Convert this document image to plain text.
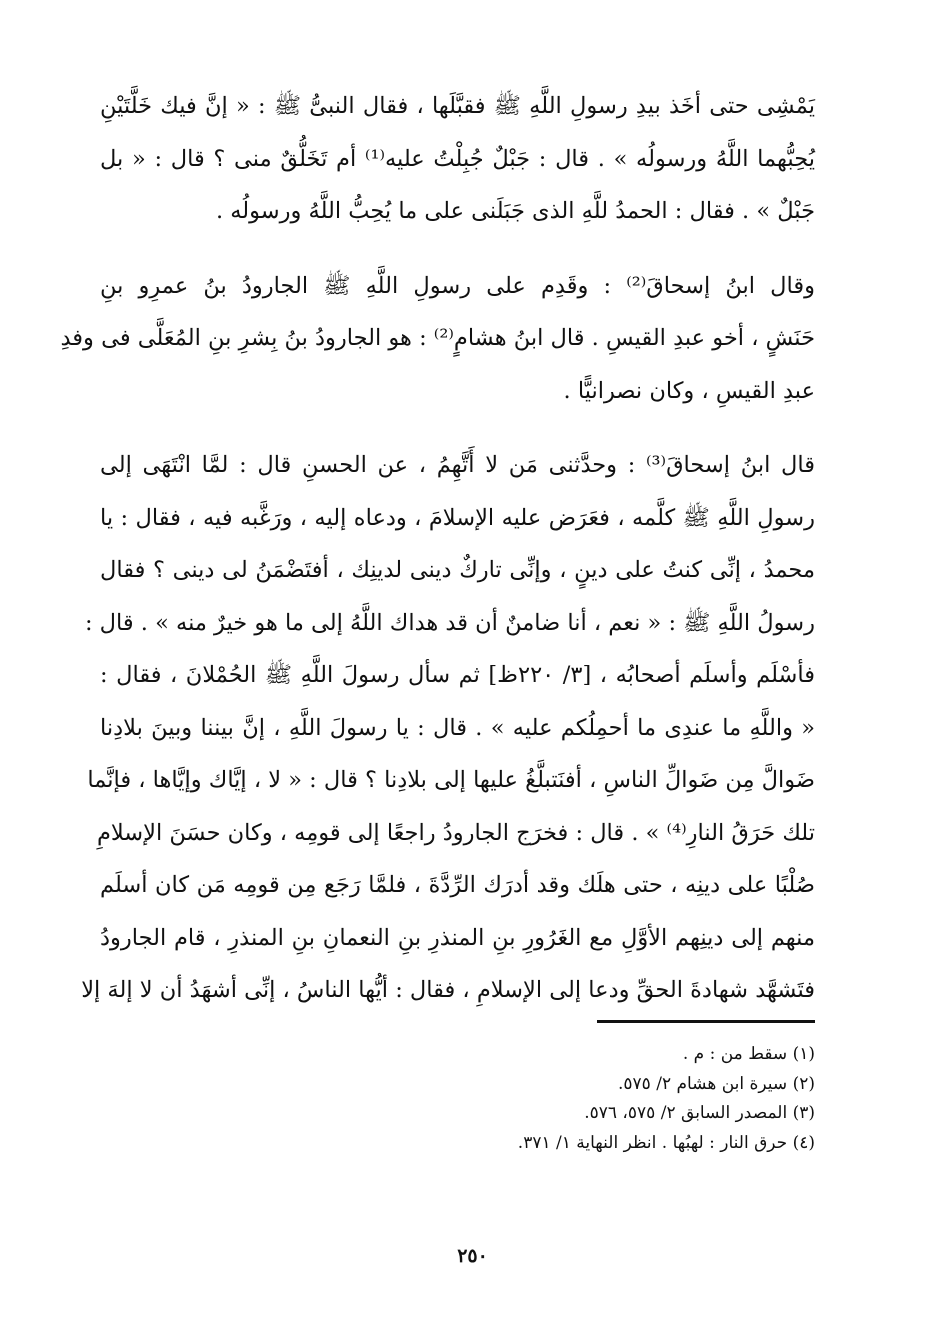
يَمْشِى حتى أخَذ بيدِ رسولِ اللَّهِ ﷺ فقبَّلَها ، فقال النبىُّ ﷺ : « إنَّ فيك خَلَّتَيْنِ
يُحِبُّهما اللَّهُ ورسولُه » . قال : جَبْلٌ جُبِلْتُ عليه⁽¹⁾ أم تَخَلُّقٌ منى ؟ قال : « بل
جَبْلٌ » . فقال : الحمدُ للَّهِ الذى جَبَلَنى على ما يُحِبُّ اللَّهُ ورسولُه .
وقال ابنُ إسحاقَ⁽²⁾ : وقَدِم على رسولِ اللَّهِ ﷺ الجارودُ بنُ عمرِو بنِ
حَنَشٍ ، أخو عبدِ القيسِ . قال ابنُ هشامٍ⁽²⁾ : هو الجارودُ بنُ بِشرِ بنِ المُعَلَّى فى وفدِ
عبدِ القيسِ ، وكان نصرانيًّا .
قال ابنُ إسحاقَ⁽³⁾ : وحدَّثنى مَن لا أَتَّهِمُ ، عن الحسنِ قال : لمَّا انْتَهَى إلى
رسولِ اللَّهِ ﷺ كلَّمه ، فعَرَض عليه الإسلامَ ، ودعاه إليه ، ورَغَّبه فيه ، فقال : يا
محمدُ ، إنِّى كنتُ على دينٍ ، وإنِّى تاركٌ دينى لدينِك ، أفتَضْمَنُ لى دينى ؟ فقال
رسولُ اللَّهِ ﷺ : « نعم ، أنا ضامنٌ أن قد هداك اللَّهُ إلى ما هو خيرٌ منه » . قال :
فأسْلَم وأسلَم أصحابُه ، [٣/ ٢٢٠ظ] ثم سأل رسولَ اللَّهِ ﷺ الحُمْلانَ ، فقال :
« واللَّهِ ما عندِى ما أحمِلُكم عليه » . قال : يا رسولَ اللَّهِ ، إنَّ بيننا وبينَ بلادِنا
ضَوالَّ مِن ضَوالِّ الناسِ ، أفنَتبلَّغُ عليها إلى بلادِنا ؟ قال : « لا ، إيَّاك وإيَّاها ، فإنَّما
تلك حَرَقُ النارِ⁽⁴⁾ » . قال : فخرَج الجارودُ راجعًا إلى قومِه ، وكان حسَنَ الإسلامِ
صُلْبًا على دينِه ، حتى هلَك وقد أدرَك الرِّدَّةَ ، فلمَّا رَجَع مِن قومِه مَن كان أسلَم
منهم إلى دينِهم الأوَّلِ مع الغَرُورِ بنِ المنذرِ بنِ النعمانِ بنِ المنذرِ ، قام الجارودُ
فتَشهَّد شهادةَ الحقِّ ودعا إلى الإسلامِ ، فقال : أيُّها الناسُ ، إنِّى أشهَدُ أن لا إلهَ إلا
(١) سقط من : م .
(٢) سيرة ابن هشام ٢/ ٥٧٥.
(٣) المصدر السابق ٢/ ٥٧٥، ٥٧٦.
(٤) حرق النار : لهبُها . انظر النهاية ١/ ٣٧١.
٢٥٠
